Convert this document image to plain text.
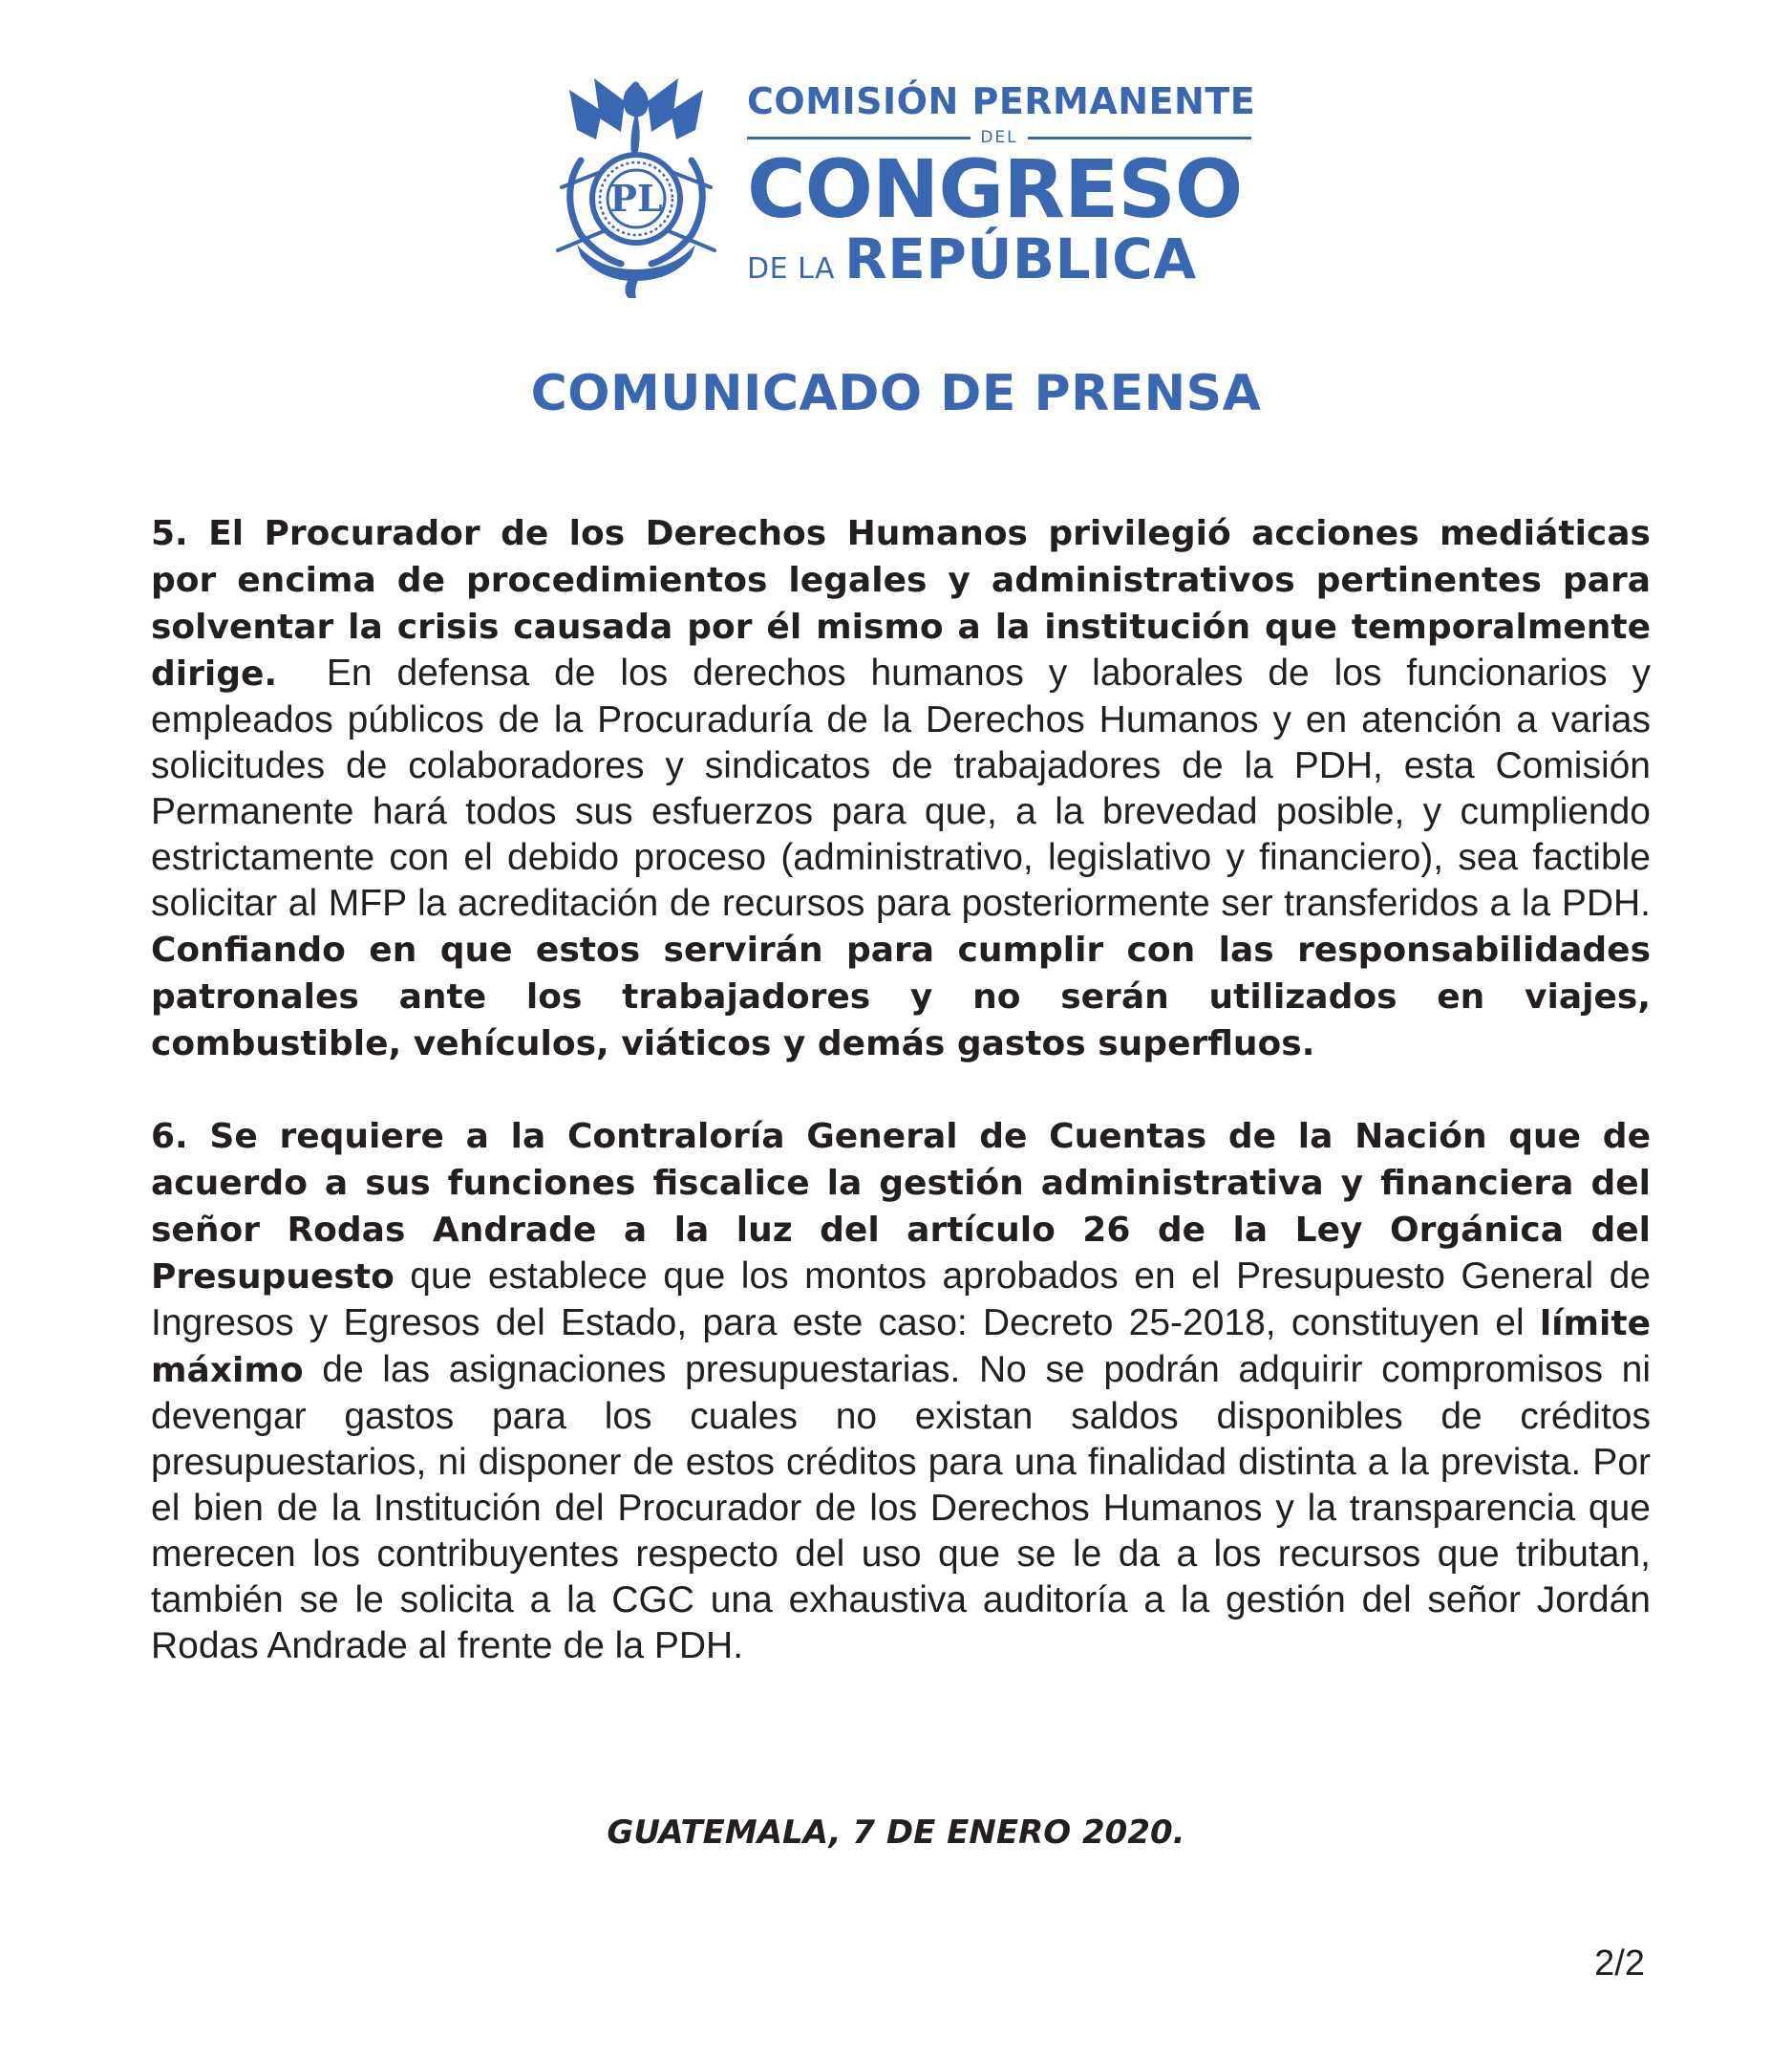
PL
COMISIÓN PERMANENTE
DEL
CONGRESO
DE LA REPÚBLICA
COMUNICADO DE PRENSA

5. El Procurador de los Derechos Humanos privilegió acciones mediáticas por encima de procedimientos legales y administrativos pertinentes para solventar la crisis causada por él mismo a la institución que temporalmente dirige. En defensa de los derechos humanos y laborales de los funcionarios y empleados públicos de la Procuraduría de la Derechos Humanos y en atención a varias solicitudes de colaboradores y sindicatos de trabajadores de la PDH, esta Comisión Permanente hará todos sus esfuerzos para que, a la brevedad posible, y cumpliendo estrictamente con el debido proceso (administrativo, legislativo y financiero), sea factible solicitar al MFP la acreditación de recursos para posteriormente ser transferidos a la PDH. Confiando en que estos servirán para cumplir con las responsabilidades patronales ante los trabajadores y no serán utilizados en viajes, combustible, vehículos, viáticos y demás gastos superfluos.

6. Se requiere a la Contraloría General de Cuentas de la Nación que de acuerdo a sus funciones fiscalice la gestión administrativa y financiera del señor Rodas Andrade a la luz del artículo 26 de la Ley Orgánica del Presupuesto que establece que los montos aprobados en el Presupuesto General de Ingresos y Egresos del Estado, para este caso: Decreto 25-2018, constituyen el límite máximo de las asignaciones presupuestarias. No se podrán adquirir compromisos ni devengar gastos para los cuales no existan saldos disponibles de créditos presupuestarios, ni disponer de estos créditos para una finalidad distinta a la prevista. Por el bien de la Institución del Procurador de los Derechos Humanos y la transparencia que merecen los contribuyentes respecto del uso que se le da a los recursos que tributan, también se le solicita a la CGC una exhaustiva auditoría a la gestión del señor Jordán Rodas Andrade al frente de la PDH.

GUATEMALA, 7 DE ENERO 2020.

2/2
